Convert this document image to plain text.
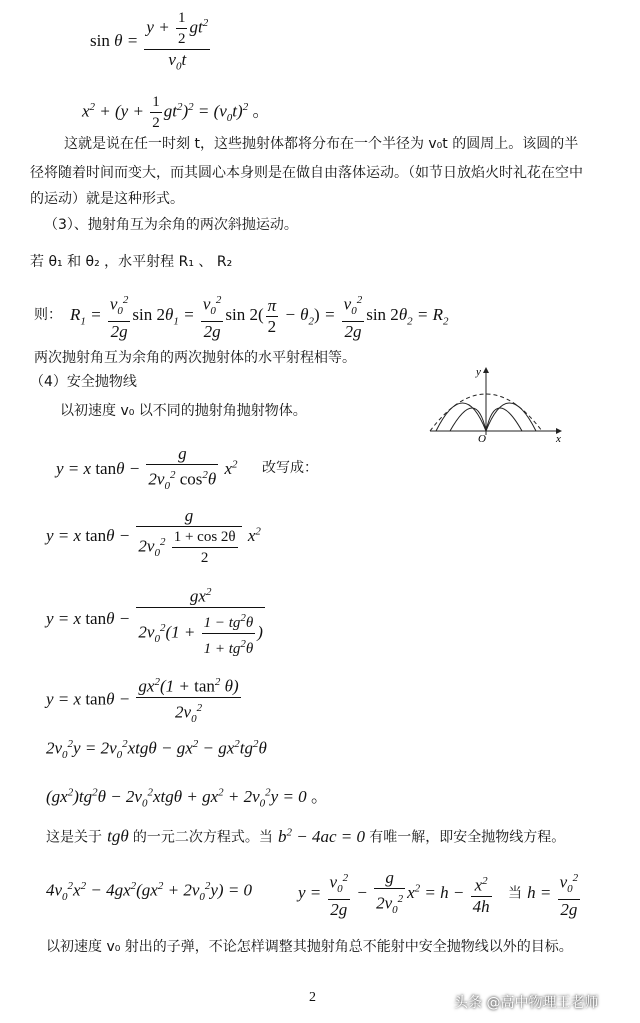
$\sin \theta = \frac{y + \frac{1}{2} gt^2}{v_0t}$
$x^2 + (y + \frac{1}{2} gt^2)^2 = (v_0t)^2$ 。
这就是说在任一时刻 t，这些抛射体都将分布在一个半径为 v₀t 的圆周上。该圆的半
径将随着时间而变大，而其圆心本身则是在做自由落体运动。（如节日放焰火时礼花在空中
的运动）就是这种形式。
（3）、抛射角互为余角的两次斜抛运动。
若 θ₁ 和 θ₂ ，水平射程 R₁ 、 R₂
则： $R_1 = \frac{v_0^2}{2g}$ $\sin 2\theta_1 = \frac{v_0^2}{2g}$ $\sin 2( \frac{\pi}{2} - \theta_2) = \frac{v_0^2}{2g}$ $\sin 2\theta_2 = R_2$
两次抛射角互为余角的两次抛射体的水平射程相等。
（4）安全抛物线
以初速度 v₀ 以不同的抛射角抛射物体。
y
x
O
y = x $\tan\theta - \frac{g}{2v_0^2 \cos^2\theta} x^2$ 改写成：
y = x $\tan\theta - \frac{g}{2v_0^2 \frac{1 + \cos 2\theta}{2}} x^2$
y = x $\tan\theta - \frac{gx^2}{2v_0^2(1 + \frac{1 - tg^2\theta}{1 + tg^2\theta} )}$
y = x $\tan\theta - \frac{gx^2(1 + \tan^2 \theta)}{2v_0^2}$
$2v_0^2y = 2v_0^2xtg\theta - gx^2 - gx^2tg^2\theta$
$(gx^2)tg^2\theta - 2v_0^2xtg\theta + gx^2 + 2v_0^2y = 0$ 。
这是关于 tgθ 的一元二次方程式。当 $b^2 - 4ac = 0$ 有唯一解，即安全抛物线方程。
$4v_0^2x^2 - 4gx^2(gx^2 + 2v_0^2y) = 0$	$y = \frac{v_0^2}{2g} - \frac{g}{2v_0^2} x^2 = h - \frac{x^2}{4h}$ 当 $h = \frac{v_0^2}{2g}$
以初速度 v₀ 射出的子弹，不论怎样调整其抛射角总不能射中安全抛物线以外的目标。
2	头条 @高中物理王老师
